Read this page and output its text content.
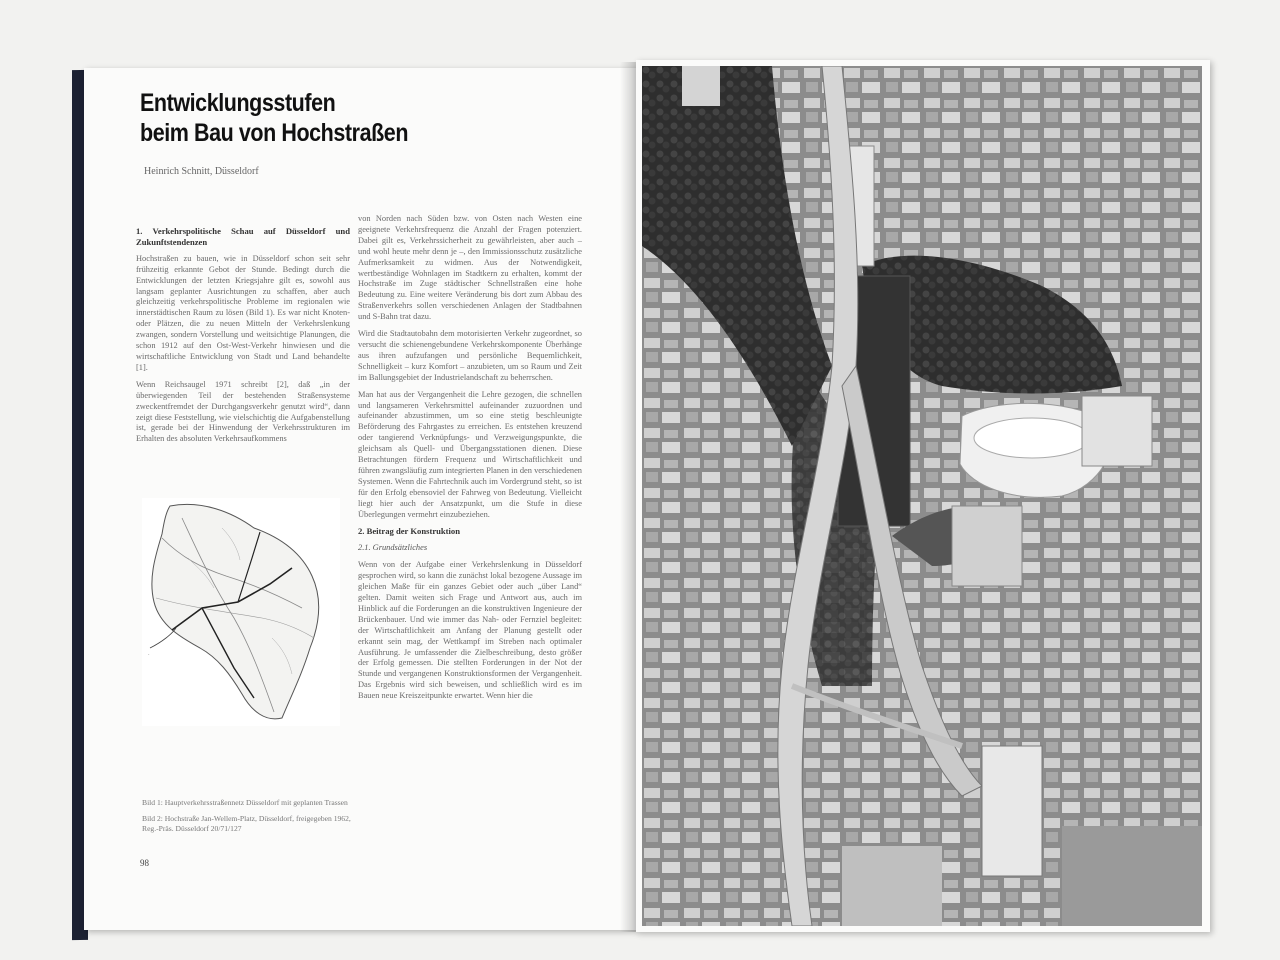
Entwicklungsstufen
beim Bau von Hochstraßen
Heinrich Schnitt, Düsseldorf

1. Verkehrspolitische Schau auf Düsseldorf und Zukunftstendenzen

Hochstraßen zu bauen, wie in Düsseldorf schon seit sehr frühzeitig erkannte Gebot der Stunde. Bedingt durch die Entwicklungen der letzten Kriegsjahre gilt es, sowohl aus langsam geplanter Ausrichtungen zu schaffen, aber auch gleichzeitig verkehrspolitische Probleme im regionalen wie innerstädtischen Raum zu lösen (Bild 1). Es war nicht Knoten- oder Plätzen, die zu neuen Mitteln der Verkehrslenkung zwangen, sondern Vorstellung und weitsichtige Planungen, die schon 1912 auf den Ost-West-Verkehr hinwiesen und die wirtschaftliche Entwicklung von Stadt und Land behandelte [1].

Wenn Reichsaugel 1971 schreibt [2], daß „in der überwiegenden Teil der bestehenden Straßensysteme zweckentfremdet der Durchgangsverkehr genutzt wird“, dann zeigt diese Feststellung, wie vielschichtig die Aufgabenstellung ist, gerade bei der Hinwendung der Verkehrsstrukturen im Erhalten des absoluten Verkehrsaufkommens

von Norden nach Süden bzw. von Osten nach Westen eine geeignete Verkehrsfrequenz die Anzahl der Fragen potenziert. Dabei gilt es, Verkehrssicherheit zu gewährleisten, aber auch – und wohl heute mehr denn je –, den Immissionsschutz zusätzliche Aufmerksamkeit zu widmen. Aus der Notwendigkeit, wertbeständige Wohnlagen im Stadtkern zu erhalten, kommt der Hochstraße im Zuge städtischer Schnellstraßen eine hohe Bedeutung zu. Eine weitere Veränderung bis dort zum Abbau des Straßenverkehrs sollen verschiedenen Anlagen der Stadtbahnen und S-Bahn trat dazu.

Wird die Stadtautobahn dem motorisierten Verkehr zugeordnet, so versucht die schienengebundene Verkehrskomponente Überhänge aus ihren aufzufangen und persönliche Bequemlichkeit, Schnelligkeit – kurz Komfort – anzubieten, um so Raum und Zeit im Ballungsgebiet der Industrielandschaft zu beherrschen.

Man hat aus der Vergangenheit die Lehre gezogen, die schnellen und langsameren Verkehrsmittel aufeinander zuzuordnen und aufeinander abzustimmen, um so eine stetig beschleunigte Beförderung des Fahrgastes zu erreichen. Es entstehen kreuzend oder tangierend Verknüpfungs- und Verzweigungspunkte, die gleichsam als Quell- und Übergangsstationen dienen. Diese Betrachtungen fördern Frequenz und Wirtschaftlichkeit und führen zwangsläufig zum integrierten Planen in den verschiedenen Systemen. Wenn die Fahrtechnik auch im Vordergrund steht, so ist für den Erfolg ebensoviel der Fahrweg von Bedeutung. Vielleicht liegt hier auch der Ansatzpunkt, um die Stufe in diese Überlegungen vermehrt einzubeziehen.

2. Beitrag der Konstruktion

2.1. Grundsätzliches

Wenn von der Aufgabe einer Verkehrslenkung in Düsseldorf gesprochen wird, so kann die zunächst lokal bezogene Aussage im gleichen Maße für ein ganzes Gebiet oder auch „über Land“ gelten. Damit weiten sich Frage und Antwort aus, auch im Hinblick auf die Forderungen an die konstruktiven Ingenieure der Brückenbauer. Und wie immer das Nah- oder Fernziel begleitet: der Wirtschaftlichkeit am Anfang der Planung gestellt oder erkannt sein mag, der Wettkampf im Streben nach optimaler Ausführung. Je umfassender die Zielbeschreibung, desto größer der Erfolg gemessen. Die stellten Forderungen in der Not der Stunde und vergangenen Konstruktionsformen der Vergangenheit. Das Ergebnis wird sich beweisen, und schließlich wird es im Bauen neue Kreiszeitpunkte erwartet. Wenn hier die

·

Bild 1: Hauptverkehrsstraßennetz Düsseldorf mit geplanten Trassen

Bild 2: Hochstraße Jan-Wellem-Platz, Düsseldorf, freigegeben 1962, Reg.-Präs. Düsseldorf 20/71/127

98
